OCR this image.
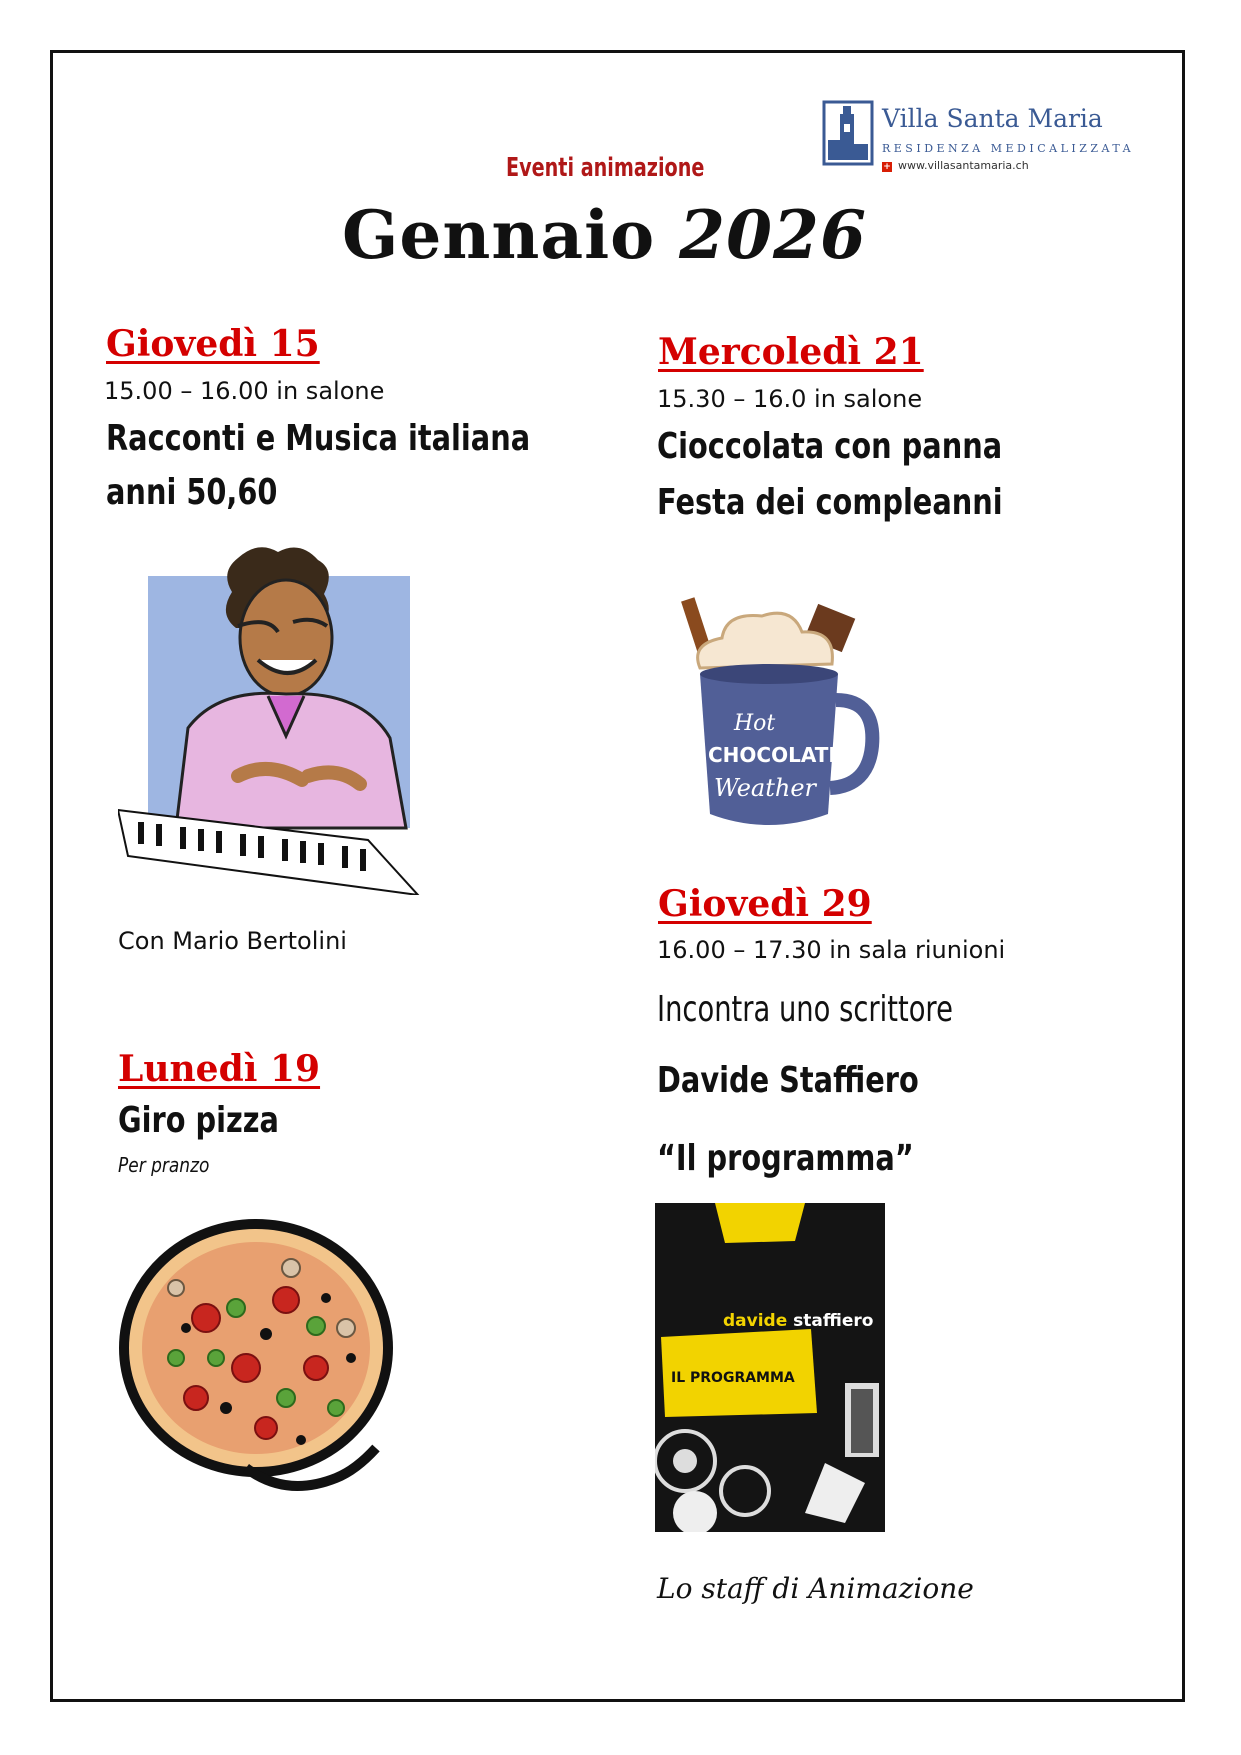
Villa Santa Maria
RESIDENZA MEDICALIZZATA
+ www.villasantamaria.ch
Eventi animazione
Gennaio 2026
Giovedì 15
15.00 – 16.00 in salone
Racconti e Musica italiana
anni 50,60
Con Mario Bertolini
Lunedì 19
Giro pizza
Per pranzo
Mercoledì 21
15.30 – 16.0 in salone
Cioccolata con panna
Festa dei compleanni
Hot
CHOCOLATE
Weather
Giovedì 29
16.00 – 17.30 in sala riunioni
Incontra uno scrittore
Davide Staffiero
“Il programma”
davide staffiero
IL PROGRAMMA
Lo staff di Animazione
